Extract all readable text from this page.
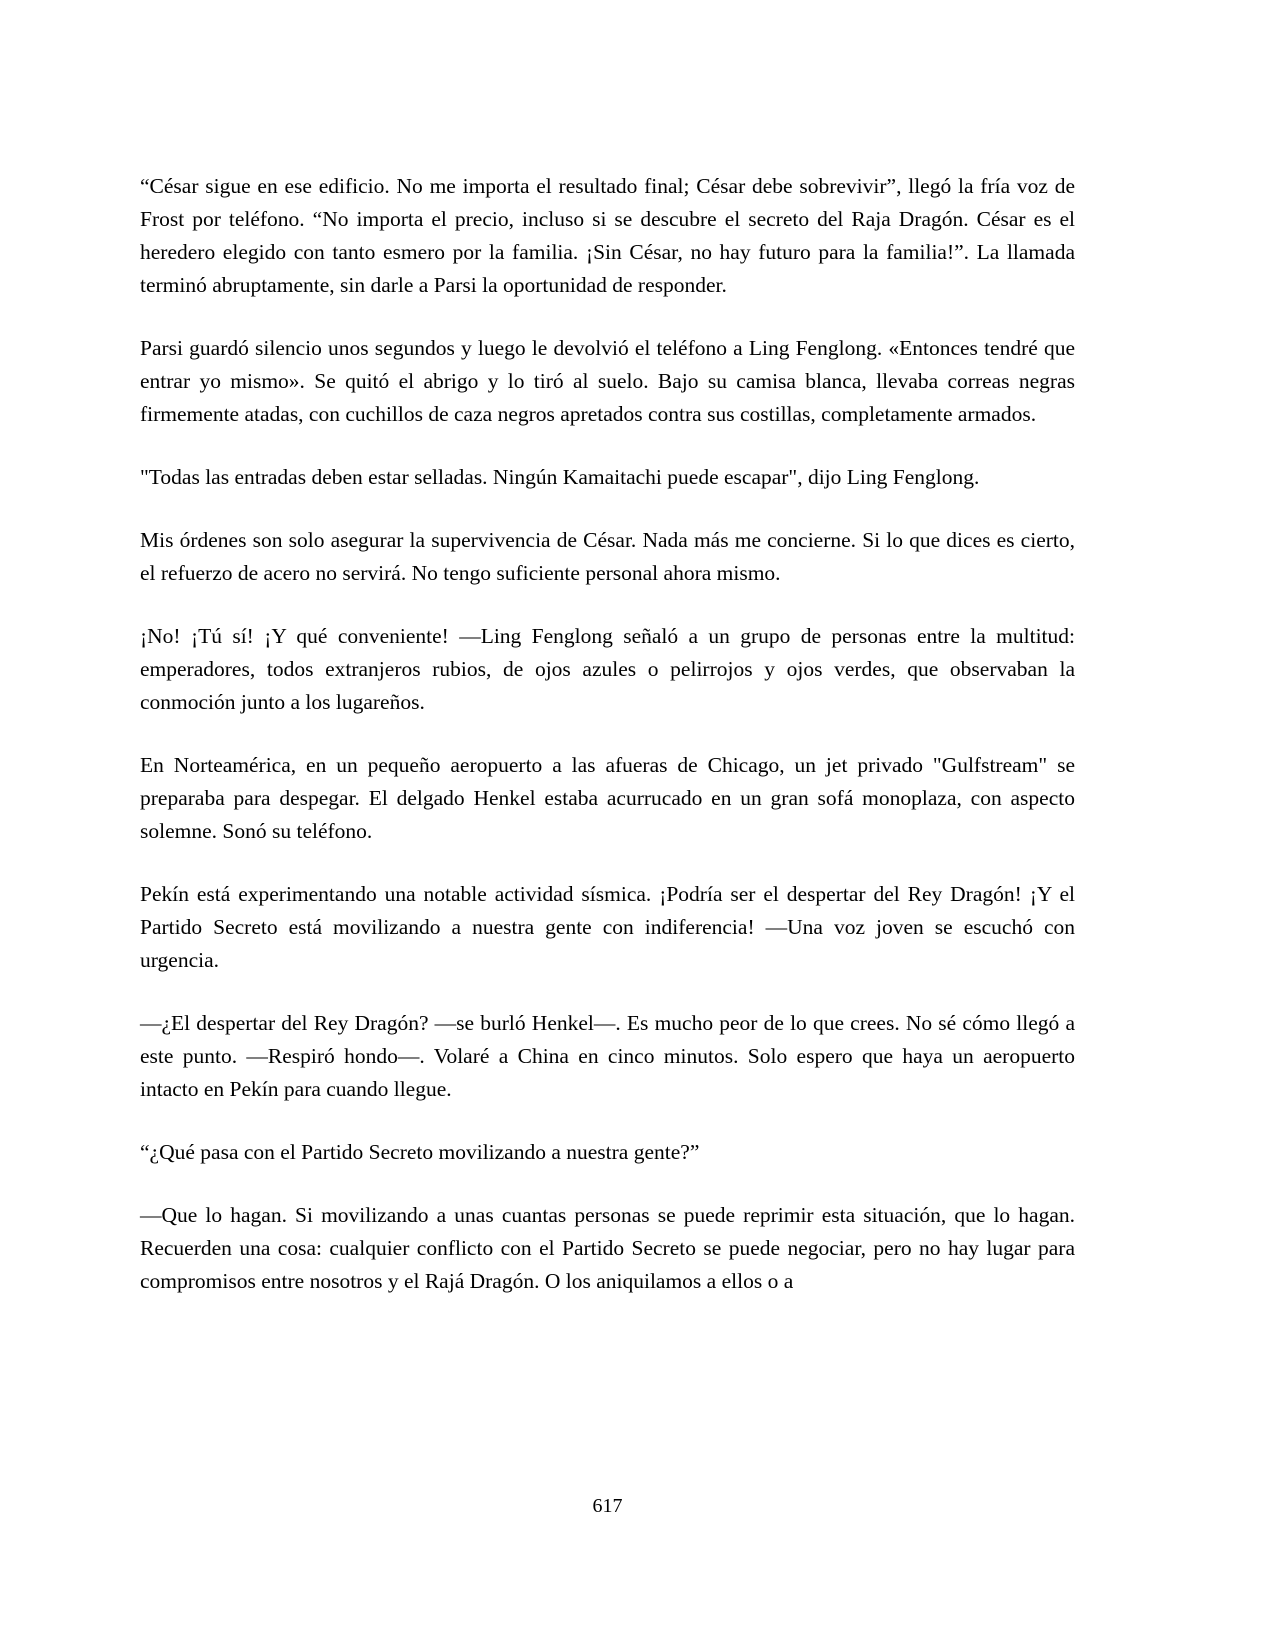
“César sigue en ese edificio. No me importa el resultado final; César debe sobrevivir”, llegó la fría voz de Frost por teléfono. “No importa el precio, incluso si se descubre el secreto del Raja Dragón. César es el heredero elegido con tanto esmero por la familia. ¡Sin César, no hay futuro para la familia!”. La llamada terminó abruptamente, sin darle a Parsi la oportunidad de responder.

Parsi guardó silencio unos segundos y luego le devolvió el teléfono a Ling Fenglong. «Entonces tendré que entrar yo mismo». Se quitó el abrigo y lo tiró al suelo. Bajo su camisa blanca, llevaba correas negras firmemente atadas, con cuchillos de caza negros apretados contra sus costillas, completamente armados.

"Todas las entradas deben estar selladas. Ningún Kamaitachi puede escapar", dijo Ling Fenglong.

Mis órdenes son solo asegurar la supervivencia de César. Nada más me concierne. Si lo que dices es cierto, el refuerzo de acero no servirá. No tengo suficiente personal ahora mismo.

¡No! ¡Tú sí! ¡Y qué conveniente! —Ling Fenglong señaló a un grupo de personas entre la multitud: emperadores, todos extranjeros rubios, de ojos azules o pelirrojos y ojos verdes, que observaban la conmoción junto a los lugareños.

En Norteamérica, en un pequeño aeropuerto a las afueras de Chicago, un jet privado "Gulfstream" se preparaba para despegar. El delgado Henkel estaba acurrucado en un gran sofá monoplaza, con aspecto solemne. Sonó su teléfono.

Pekín está experimentando una notable actividad sísmica. ¡Podría ser el despertar del Rey Dragón! ¡Y el Partido Secreto está movilizando a nuestra gente con indiferencia! —Una voz joven se escuchó con urgencia.

—¿El despertar del Rey Dragón? —se burló Henkel—. Es mucho peor de lo que crees. No sé cómo llegó a este punto. —Respiró hondo—. Volaré a China en cinco minutos. Solo espero que haya un aeropuerto intacto en Pekín para cuando llegue.

“¿Qué pasa con el Partido Secreto movilizando a nuestra gente?”

—Que lo hagan. Si movilizando a unas cuantas personas se puede reprimir esta situación, que lo hagan. Recuerden una cosa: cualquier conflicto con el Partido Secreto se puede negociar, pero no hay lugar para compromisos entre nosotros y el Rajá Dragón. O los aniquilamos a ellos o a

617
